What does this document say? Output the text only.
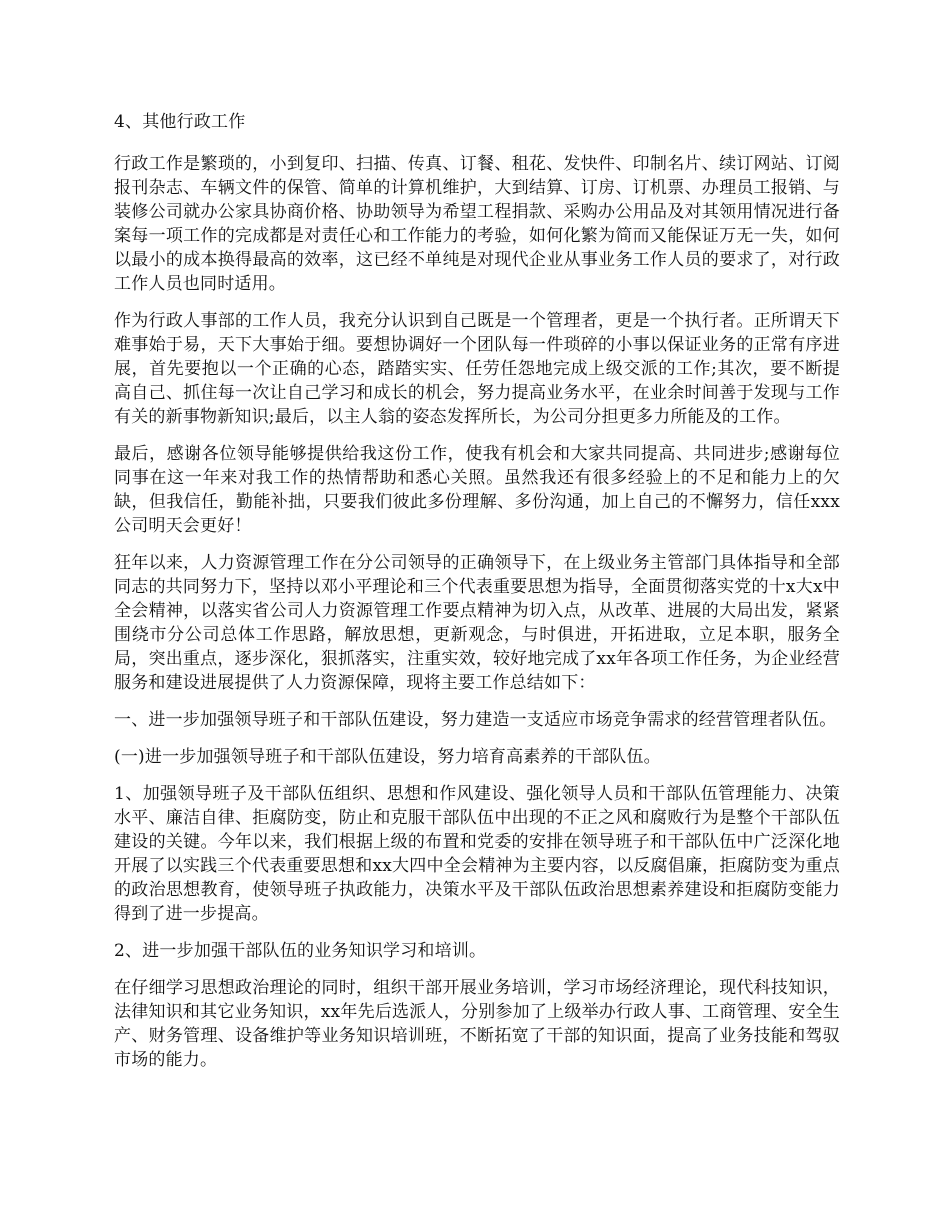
4、其他行政工作

行政工作是繁琐的，小到复印、扫描、传真、订餐、租花、发快件、印制名片、续订网站、订阅报刊杂志、车辆文件的保管、简单的计算机维护，大到结算、订房、订机票、办理员工报销、与装修公司就办公家具协商价格、协助领导为希望工程捐款、采购办公用品及对其领用情况进行备案每一项工作的完成都是对责任心和工作能力的考验，如何化繁为简而又能保证万无一失，如何以最小的成本换得最高的效率，这已经不单纯是对现代企业从事业务工作人员的要求了，对行政工作人员也同时适用。

作为行政人事部的工作人员，我充分认识到自己既是一个管理者，更是一个执行者。正所谓天下难事始于易，天下大事始于细。要想协调好一个团队每一件琐碎的小事以保证业务的正常有序进展，首先要抱以一个正确的心态，踏踏实实、任劳任怨地完成上级交派的工作;其次，要不断提高自己、抓住每一次让自己学习和成长的机会，努力提高业务水平，在业余时间善于发现与工作有关的新事物新知识;最后，以主人翁的姿态发挥所长，为公司分担更多力所能及的工作。

最后，感谢各位领导能够提供给我这份工作，使我有机会和大家共同提高、共同进步;感谢每位同事在这一年来对我工作的热情帮助和悉心关照。虽然我还有很多经验上的不足和能力上的欠缺，但我信任，勤能补拙，只要我们彼此多份理解、多份沟通，加上自己的不懈努力，信任xxx公司明天会更好！

狂年以来，人力资源管理工作在分公司领导的正确领导下，在上级业务主管部门具体指导和全部同志的共同努力下，坚持以邓小平理论和三个代表重要思想为指导，全面贯彻落实党的十x大x中全会精神，以落实省公司人力资源管理工作要点精神为切入点，从改革、进展的大局出发，紧紧围绕市分公司总体工作思路，解放思想，更新观念，与时俱进，开拓进取，立足本职，服务全局，突出重点，逐步深化，狠抓落实，注重实效，较好地完成了xx年各项工作任务，为企业经营服务和建设进展提供了人力资源保障，现将主要工作总结如下：

一、进一步加强领导班子和干部队伍建设，努力建造一支适应市场竞争需求的经营管理者队伍。

(一)进一步加强领导班子和干部队伍建设，努力培育高素养的干部队伍。

1、加强领导班子及干部队伍组织、思想和作风建设、强化领导人员和干部队伍管理能力、决策水平、廉洁自律、拒腐防变，防止和克服干部队伍中出现的不正之风和腐败行为是整个干部队伍建设的关键。今年以来，我们根据上级的布置和党委的安排在领导班子和干部队伍中广泛深化地开展了以实践三个代表重要思想和xx大四中全会精神为主要内容，以反腐倡廉，拒腐防变为重点的政治思想教育，使领导班子执政能力，决策水平及干部队伍政治思想素养建设和拒腐防变能力得到了进一步提高。

2、进一步加强干部队伍的业务知识学习和培训。

在仔细学习思想政治理论的同时，组织干部开展业务培训，学习市场经济理论，现代科技知识，法律知识和其它业务知识，xx年先后选派人，分别参加了上级举办行政人事、工商管理、安全生产、财务管理、设备维护等业务知识培训班，不断拓宽了干部的知识面，提高了业务技能和驾驭市场的能力。
